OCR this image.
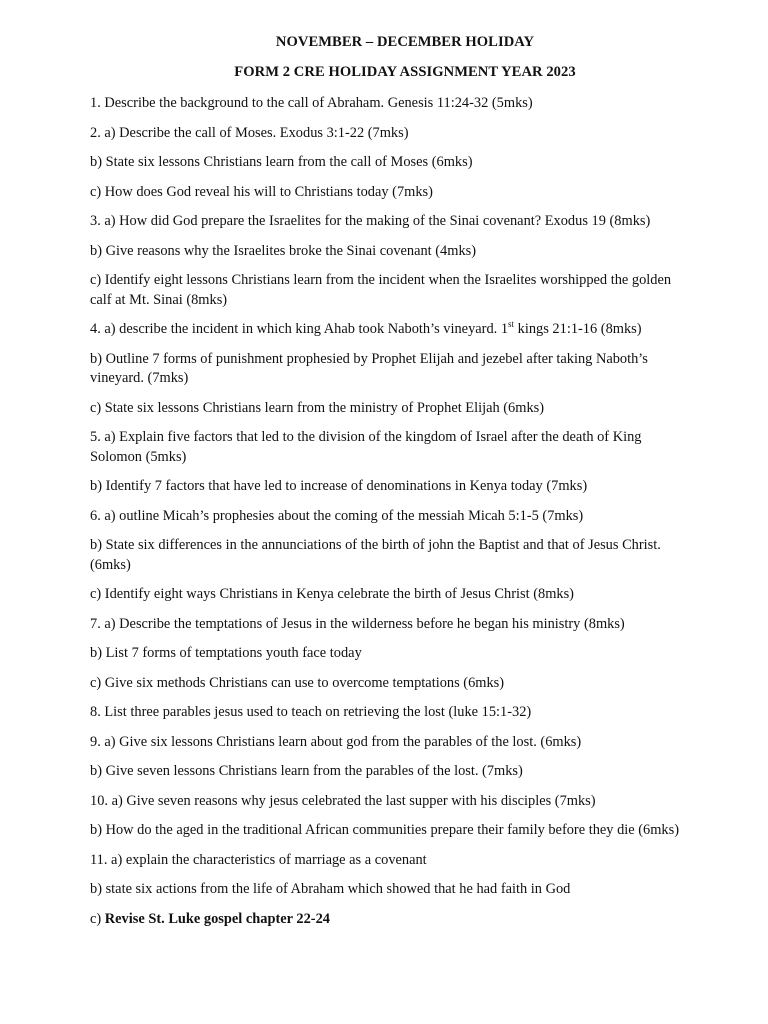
NOVEMBER – DECEMBER HOLIDAY
FORM 2 CRE HOLIDAY ASSIGNMENT YEAR 2023

1. Describe the background to the call of Abraham. Genesis 11:24-32 (5mks)

2. a) Describe the call of Moses. Exodus 3:1-22 (7mks)

b) State six lessons Christians learn from the call of Moses (6mks)

c) How does God reveal his will to Christians today (7mks)

3. a) How did God prepare the Israelites for the making of the Sinai covenant? Exodus 19 (8mks)

b) Give reasons why the Israelites broke the Sinai covenant (4mks)

c) Identify eight lessons Christians learn from the incident when the Israelites worshipped the golden calf at Mt. Sinai (8mks)

4. a) describe the incident in which king Ahab took Naboth’s vineyard. 1st kings 21:1-16 (8mks)

b) Outline 7 forms of punishment prophesied by Prophet Elijah and jezebel after taking Naboth’s vineyard. (7mks)

c) State six lessons Christians learn from the ministry of Prophet Elijah (6mks)

5. a) Explain five factors that led to the division of the kingdom of Israel after the death of King Solomon (5mks)

b) Identify 7 factors that have led to increase of denominations in Kenya today (7mks)

6. a) outline Micah’s prophesies about the coming of the messiah Micah 5:1-5 (7mks)

b) State six differences in the annunciations of the birth of john the Baptist and that of Jesus Christ. (6mks)

c) Identify eight ways Christians in Kenya celebrate the birth of Jesus Christ (8mks)

7. a) Describe the temptations of Jesus in the wilderness before he began his ministry (8mks)

b) List 7 forms of temptations youth face today

c) Give six methods Christians can use to overcome temptations (6mks)

8. List three parables jesus used to teach on retrieving the lost (luke 15:1-32)

9. a) Give six lessons Christians learn about god from the parables of the lost. (6mks)

b) Give seven lessons Christians learn from the parables of the lost. (7mks)

10. a) Give seven reasons why jesus celebrated the last supper with his disciples (7mks)

b) How do the aged in the traditional African communities prepare their family before they die (6mks)

11. a) explain the characteristics of marriage as a covenant

b) state six actions from the life of Abraham which showed that he had faith in God

c) Revise St. Luke gospel chapter 22-24
